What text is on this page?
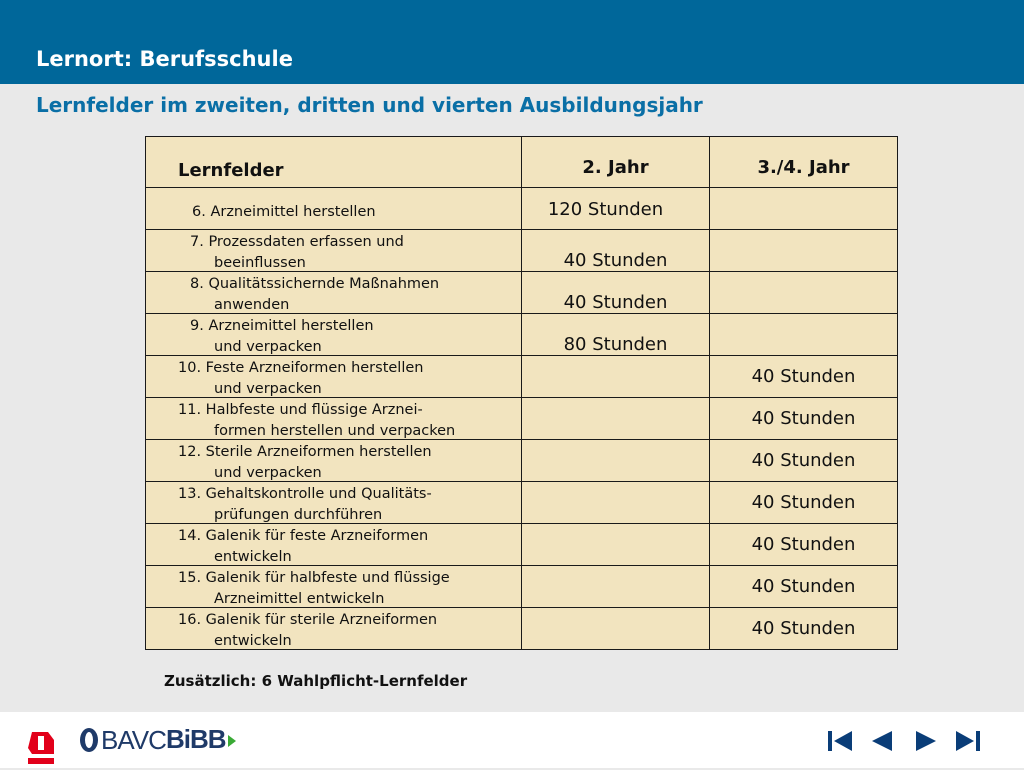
Lernort: Berufsschule
Lernfelder im zweiten, dritten und vierten Ausbildungsjahr
Lernfelder	2. Jahr	3./4. Jahr

6. Arzneimittel herstellen	120 Stunden	

7. Prozessdaten erfassen und
beeinflussen	40 Stunden	

8. Qualitätssichernde Maßnahmen
anwenden	40 Stunden	

9. Arzneimittel herstellen
und verpacken	80 Stunden	

10. Feste Arzneiformen herstellen
und verpacken		40 Stunden

11. Halbfeste und flüssige Arznei-
formen herstellen und verpacken		40 Stunden

12. Sterile Arzneiformen herstellen
und verpacken		40 Stunden

13. Gehaltskontrolle und Qualitäts-
prüfungen durchführen		40 Stunden

14. Galenik für feste Arzneiformen
entwickeln		40 Stunden

15. Galenik für halbfeste und flüssige
Arzneimittel entwickeln		40 Stunden

16. Galenik für sterile Arzneiformen
entwickeln		40 Stunden
Zusätzlich: 6 Wahlpflicht-Lernfelder
BAVC BiBB
